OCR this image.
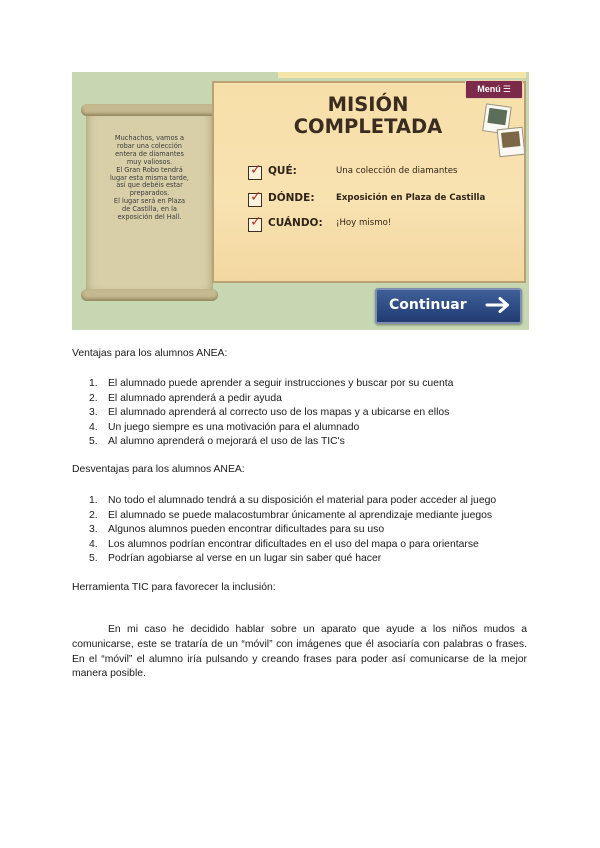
Muchachos, vamos a
robar una colección
entera de diamantes
muy valiosos.
El Gran Robo tendrá
lugar esta misma tarde,
así que debéis estar
preparados.
El lugar será en Plaza
de Castilla, en la
exposición del Hall.
Menú ☰
MISIÓN
COMPLETADA
✓ QUÉ:	Una colección de diamantes
✓ DÓNDE: Exposición en Plaza de Castilla
✓ CUÁNDO: ¡Hoy mismo!
Continuar
Ventajas para los alumnos ANEA:
1. El alumnado puede aprender a seguir instrucciones y buscar por su cuenta
2. El alumnado aprenderá a pedir ayuda
3. El alumnado aprenderá al correcto uso de los mapas y a ubicarse en ellos
4. Un juego siempre es una motivación para el alumnado
5. Al alumno aprenderá o mejorará el uso de las TIC's
Desventajas para los alumnos ANEA:
1. No todo el alumnado tendrá a su disposición el material para poder acceder al juego
2. El alumnado se puede malacostumbrar únicamente al aprendizaje mediante juegos
3. Algunos alumnos pueden encontrar dificultades para su uso
4. Los alumnos podrían encontrar dificultades en el uso del mapa o para orientarse
5. Podrían agobiarse al verse en un lugar sin saber qué hacer
Herramienta TIC para favorecer la inclusión:

En mi caso he decidido hablar sobre un aparato que ayude a los niños mudos a comunicarse, este se trataría de un “móvil” con imágenes que él asociaría con palabras o frases. En el “móvil” el alumno iría pulsando y creando frases para poder así comunicarse de la mejor manera posible.
